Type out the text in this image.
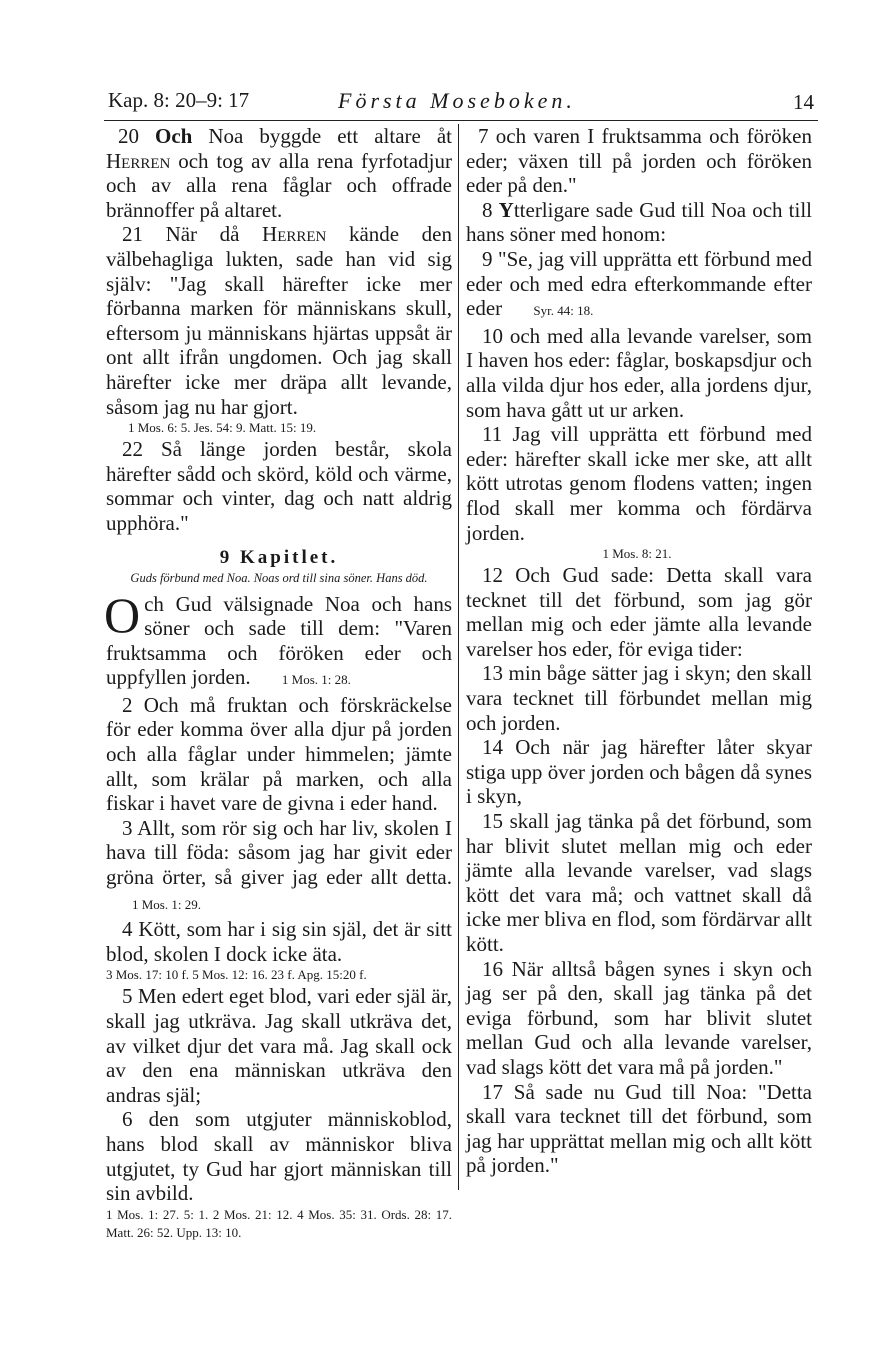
Kap. 8: 20–9: 17	Första Moseboken.	14

20 Och Noa byggde ett altare åt Herren och tog av alla rena fyrfotadjur och av alla rena fåglar och offrade brännoffer på altaret.

21 När då Herren kände den välbehagliga lukten, sade han vid sig själv: "Jag skall härefter icke mer förbanna marken för människans skull, eftersom ju människans hjärtas uppsåt är ont allt ifrån ungdomen. Och jag skall härefter icke mer dräpa allt levande, såsom jag nu har gjort.

1 Mos. 6: 5. Jes. 54: 9. Matt. 15: 19.

22 Så länge jorden består, skola härefter sådd och skörd, köld och värme, sommar och vinter, dag och natt aldrig upphöra."

9 Kapitlet.
Guds förbund med Noa. Noas ord till sina söner. Hans död.

Och Gud välsignade Noa och hans söner och sade till dem: "Varen fruktsamma och föröken eder och uppfyllen jorden. 1 Mos. 1: 28.

2 Och må fruktan och förskräckelse för eder komma över alla djur på jorden och alla fåglar under himmelen; jämte allt, som krälar på marken, och alla fiskar i havet vare de givna i eder hand.

3 Allt, som rör sig och har liv, skolen I hava till föda: såsom jag har givit eder gröna örter, så giver jag eder allt detta. 1 Mos. 1: 29.

4 Kött, som har i sig sin själ, det är sitt blod, skolen I dock icke äta.

3 Mos. 17: 10 f. 5 Mos. 12: 16. 23 f. Apg. 15:20 f.

5 Men edert eget blod, vari eder själ är, skall jag utkräva. Jag skall utkräva det, av vilket djur det vara må. Jag skall ock av den ena människan utkräva den andras själ;

6 den som utgjuter människoblod, hans blod skall av människor bliva utgjutet, ty Gud har gjort människan till sin avbild.

1 Mos. 1: 27. 5: 1. 2 Mos. 21: 12. 4 Mos. 35: 31. Ords. 28: 17. Matt. 26: 52. Upp. 13: 10.

7 och varen I fruktsamma och föröken eder; växen till på jorden och föröken eder på den."

8 Ytterligare sade Gud till Noa och till hans söner med honom:

9 "Se, jag vill upprätta ett förbund med eder och med edra efterkommande efter eder Syr. 44: 18.

10 och med alla levande varelser, som I haven hos eder: fåglar, boskapsdjur och alla vilda djur hos eder, alla jordens djur, som hava gått ut ur arken.

11 Jag vill upprätta ett förbund med eder: härefter skall icke mer ske, att allt kött utrotas genom flodens vatten; ingen flod skall mer komma och fördärva jorden.

1 Mos. 8: 21.

12 Och Gud sade: Detta skall vara tecknet till det förbund, som jag gör mellan mig och eder jämte alla levande varelser hos eder, för eviga tider:

13 min båge sätter jag i skyn; den skall vara tecknet till förbundet mellan mig och jorden.

14 Och när jag härefter låter skyar stiga upp över jorden och bågen då synes i skyn,

15 skall jag tänka på det förbund, som har blivit slutet mellan mig och eder jämte alla levande varelser, vad slags kött det vara må; och vattnet skall då icke mer bliva en flod, som fördärvar allt kött.

16 När alltså bågen synes i skyn och jag ser på den, skall jag tänka på det eviga förbund, som har blivit slutet mellan Gud och alla levande varelser, vad slags kött det vara må på jorden."

17 Så sade nu Gud till Noa: "Detta skall vara tecknet till det förbund, som jag har upprättat mellan mig och allt kött på jorden."
